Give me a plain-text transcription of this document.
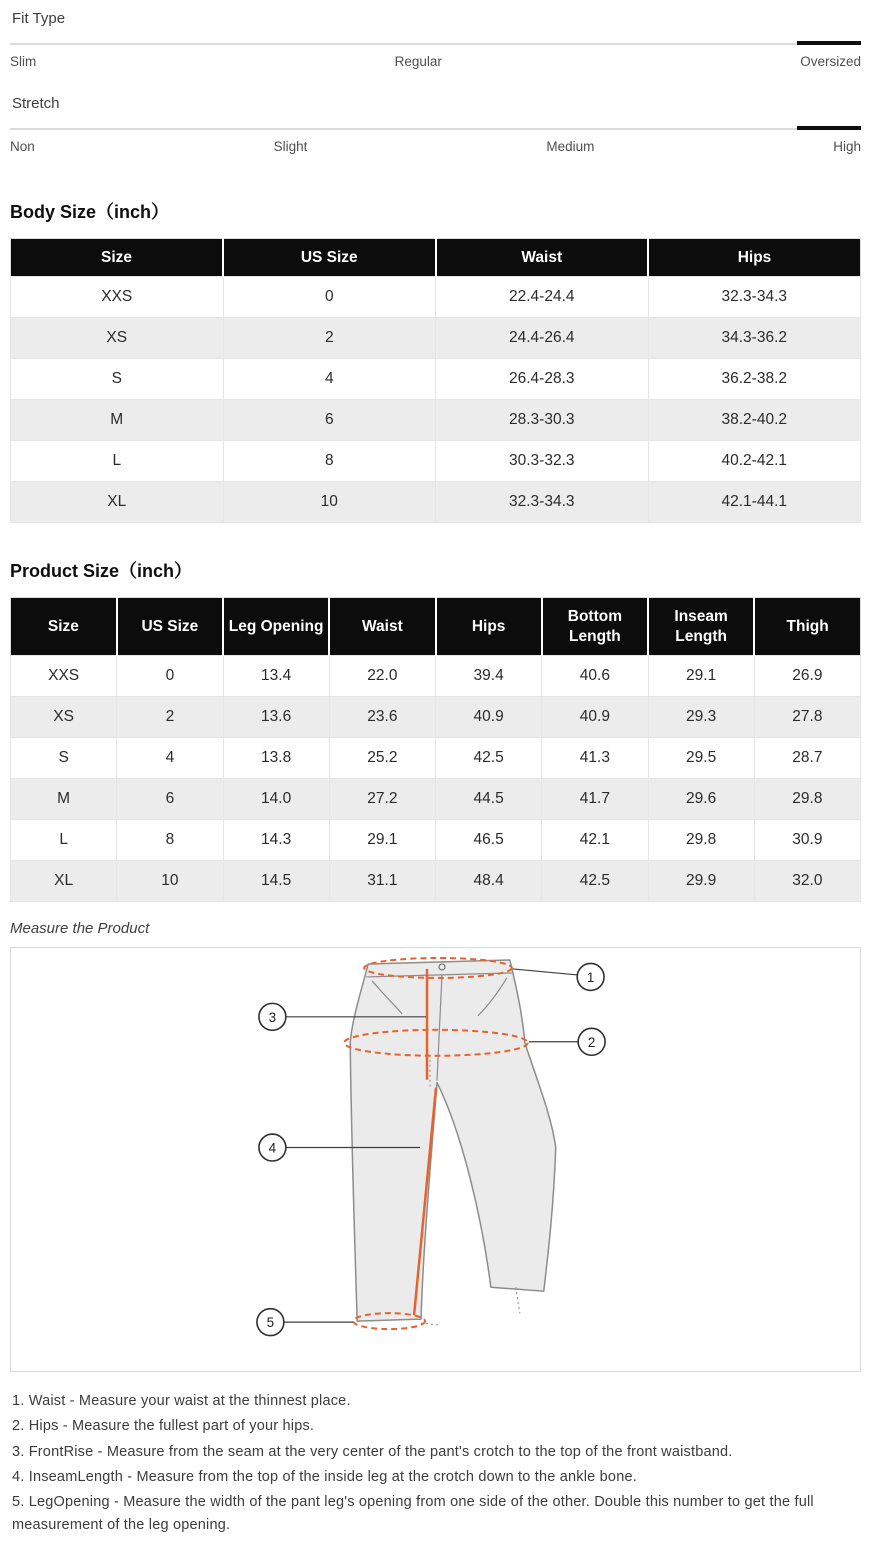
Fit Type
Slim	Regular	Oversized
Stretch
Non	Slight	Medium	High
Body Size（inch）
Size	US Size	Waist	Hips
XXS	0	22.4-24.4	32.3-34.3
XS	2	24.4-26.4	34.3-36.2
S	4	26.4-28.3	36.2-38.2
M	6	28.3-30.3	38.2-40.2
L	8	30.3-32.3	40.2-42.1
XL	10	32.3-34.3	42.1-44.1
Product Size（inch）
Size	US Size	Leg Opening	Waist	Hips	Bottom Length	Inseam Length	Thigh
XXS	0	13.4	22.0	39.4	40.6	29.1	26.9
XS	2	13.6	23.6	40.9	40.9	29.3	27.8
S	4	13.8	25.2	42.5	41.3	29.5	28.7
M	6	14.0	27.2	44.5	41.7	29.6	29.8
L	8	14.3	29.1	46.5	42.1	29.8	30.9
XL	10	14.5	31.1	48.4	42.5	29.9	32.0
Measure the Product
1
2
3
4
5

1. Waist - Measure your waist at the thinnest place.

2. Hips - Measure the fullest part of your hips.

3. FrontRise - Measure from the seam at the very center of the pant's crotch to the top of the front waistband.

4. InseamLength - Measure from the top of the inside leg at the crotch down to the ankle bone.

5. LegOpening - Measure the width of the pant leg's opening from one side of the other. Double this number to get the full measurement of the leg opening.
